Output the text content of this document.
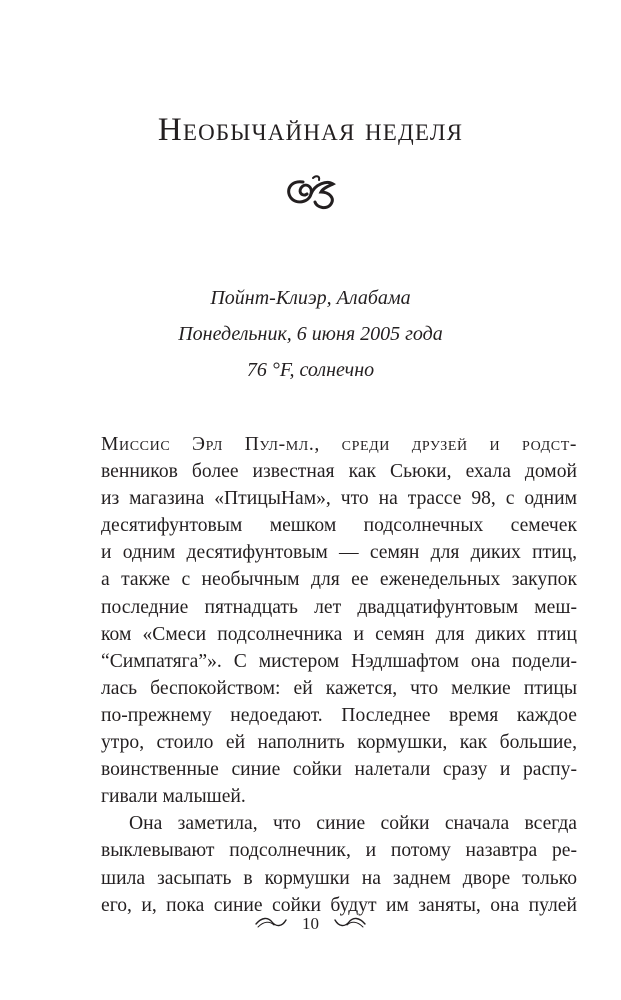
Необычайная неделя
Пойнт-Клиэр, Алабама
Понедельник, 6 июня 2005 года
76 °F, солнечно
Миссис Эрл Пул-мл., среди друзей и родст-
венников более известная как Сьюки, ехала домой
из магазина «ПтицыНам», что на трассе 98, с одним
десятифунтовым мешком подсолнечных семечек
и одним десятифунтовым — семян для диких птиц,
а также с необычным для ее еженедельных закупок
последние пятнадцать лет двадцатифунтовым меш-
ком «Смеси подсолнечника и семян для диких птиц
“Симпатяга”». С мистером Нэдлшафтом она подели-
лась беспокойством: ей кажется, что мелкие птицы
по-прежнему недоедают. Последнее время каждое
утро, стоило ей наполнить кормушки, как большие,
воинственные синие сойки налетали сразу и распу-
гивали малышей.
Она заметила, что синие сойки сначала всегда
выклевывают подсолнечник, и потому назавтра ре-
шила засыпать в кормушки на заднем дворе только
его, и, пока синие сойки будут им заняты, она пулей
10
